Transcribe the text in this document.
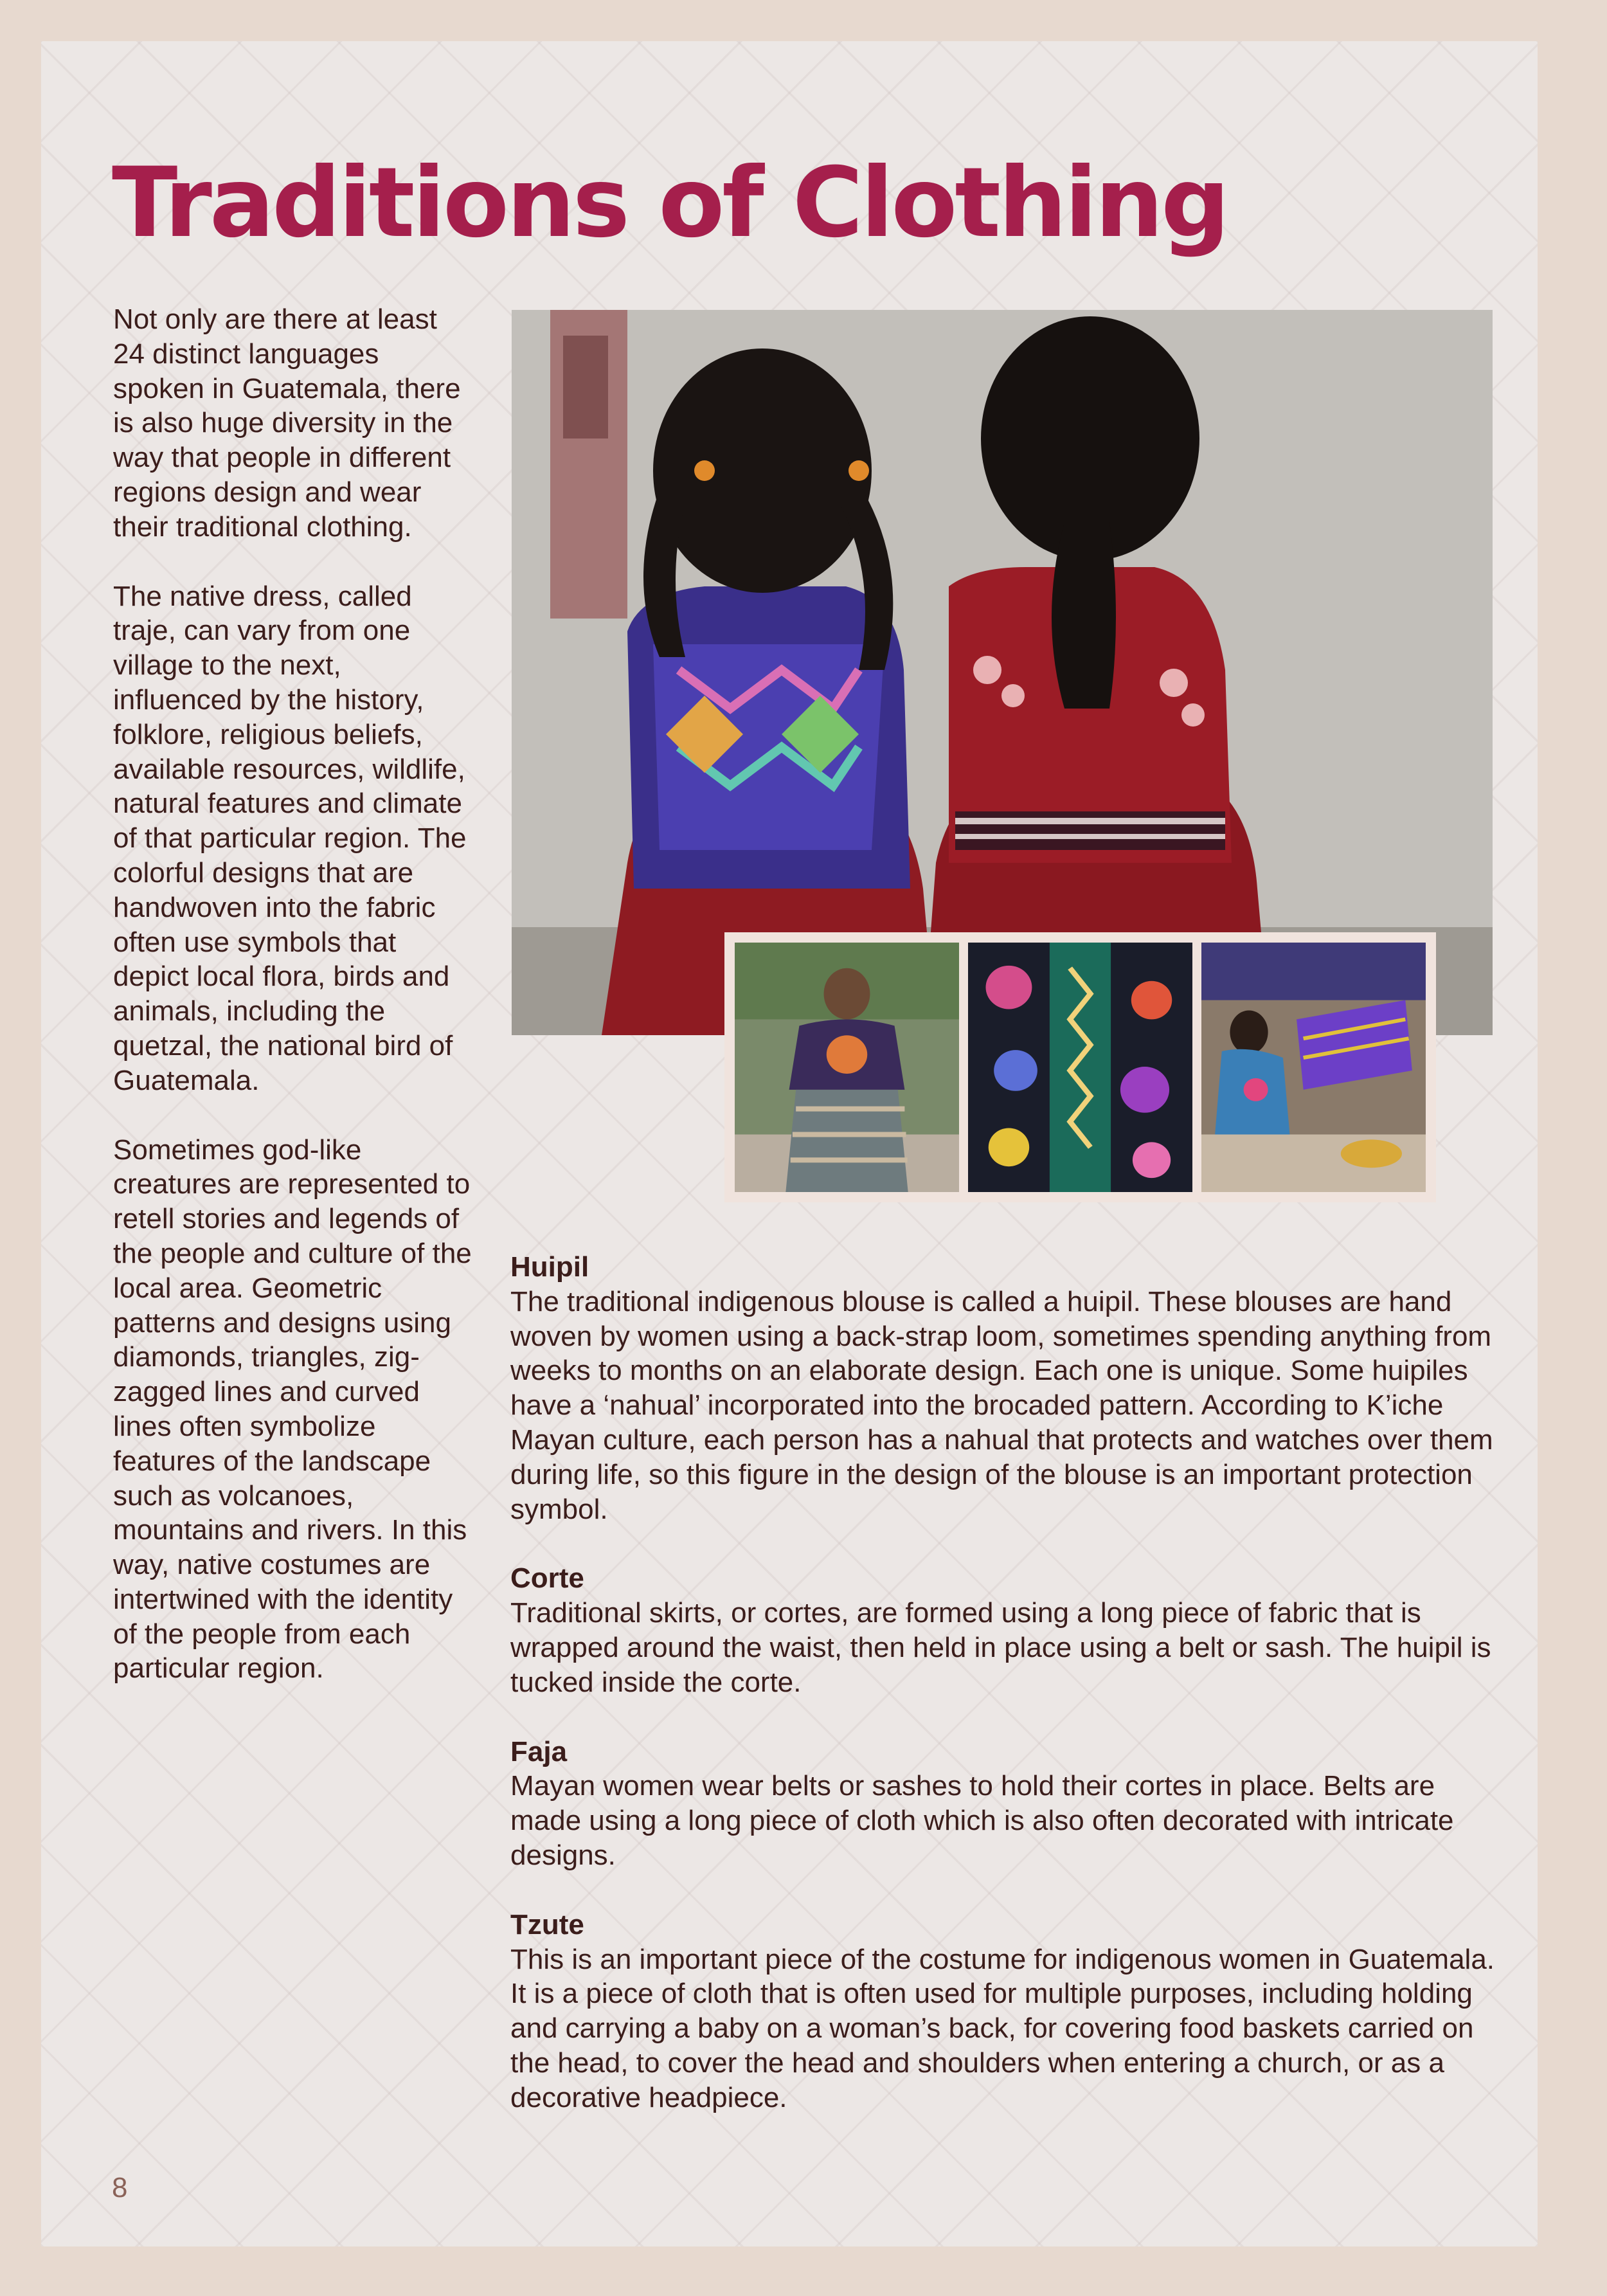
Traditions of Clothing

Not only are there at least 24 distinct languages spoken in Guatemala, there is also huge diversity in the way that people in different regions design and wear their traditional clothing.

The native dress, called traje, can vary from one village to the next, influenced by the history, folklore, religious beliefs, available resources, wildlife, natural features and climate of that particular region. The colorful designs that are handwoven into the fabric often use symbols that depict local flora, birds and animals, including the quetzal, the national bird of Guatemala.

Sometimes god-like creatures are represented to retell stories and legends of the people and culture of the local area. Geometric patterns and designs using diamonds, triangles, zig-zagged lines and curved lines often symbolize features of the landscape such as volcanoes, mountains and rivers. In this way, native costumes are intertwined with the identity of the people from each particular region.

Huipil

The traditional indigenous blouse is called a huipil. These blouses are hand woven by women using a back-strap loom, sometimes spending anything from weeks to months on an elaborate design. Each one is unique. Some huipiles have a ‘nahual’ incorporated into the brocaded pattern. According to K’iche Mayan culture, each person has a nahual that protects and watches over them during life, so this figure in the design of the blouse is an important protection symbol.

Corte

Traditional skirts, or cortes, are formed using a long piece of fabric that is wrapped around the waist, then held in place using a belt or sash. The huipil is tucked inside the corte.

Faja

Mayan women wear belts or sashes to hold their cortes in place. Belts are made using a long piece of cloth which is also often decorated with intricate designs.

Tzute

This is an important piece of the costume for indigenous women in Guatemala. It is a piece of cloth that is often used for multiple purposes, including holding and carrying a baby on a woman’s back, for covering food baskets carried on the head, to cover the head and shoulders when entering a church, or as a decorative headpiece.

8
